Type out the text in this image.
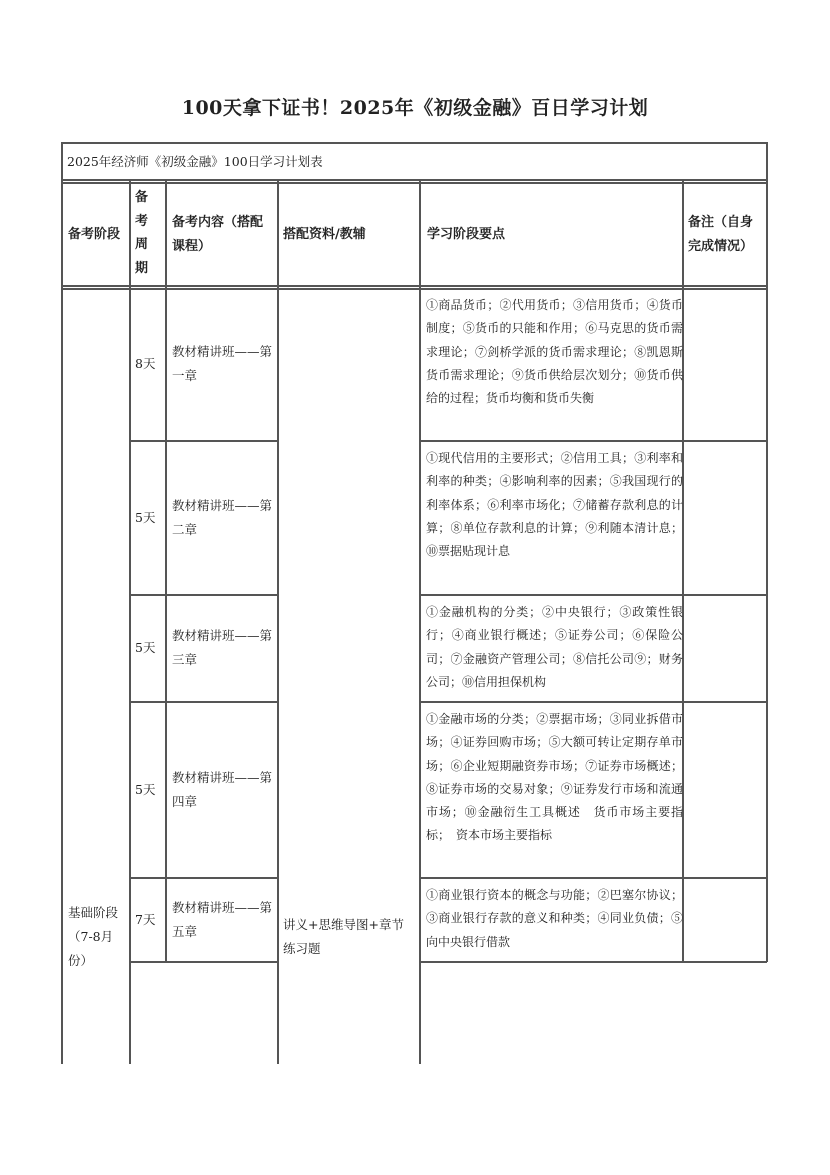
100天拿下证书！2025年《初级金融》百日学习计划
2025年经济师《初级金融》100日学习计划表
备考阶段
备考周期
备考内容（搭配课程）
搭配资料/教辅	学习阶段要点
备注（自身完成情况）
基础阶段
（7-8月份）
讲义+思维导图+章节练习题
8天
教材精讲班——第一章
①商品货币；②代用货币；③信用货币；④货币制度；⑤货币的只能和作用；⑥马克思的货币需求理论；⑦剑桥学派的货币需求理论；⑧凯恩斯货币需求理论；⑨货币供给层次划分；⑩货币供给的过程；货币均衡和货币失衡
5天
教材精讲班——第二章
①现代信用的主要形式；②信用工具；③利率和利率的种类；④影响利率的因素；⑤我国现行的利率体系；⑥利率市场化；⑦储蓄存款利息的计算；⑧单位存款利息的计算；⑨利随本清计息；⑩票据贴现计息
5天
教材精讲班——第三章
①金融机构的分类；②中央银行；③政策性银行；④商业银行概述；⑤证券公司；⑥保险公司；⑦金融资产管理公司；⑧信托公司⑨；财务公司；⑩信用担保机构
5天
教材精讲班——第四章
①金融市场的分类；②票据市场；③同业拆借市场；④证券回购市场；⑤大额可转让定期存单市场；⑥企业短期融资券市场；⑦证券市场概述；⑧证券市场的交易对象；⑨证券发行市场和流通市场；⑩金融衍生工具概述　货币市场主要指标；　资本市场主要指标
7天
教材精讲班——第五章
①商业银行资本的概念与功能；②巴塞尔协议；③商业银行存款的意义和种类；④同业负债；⑤向中央银行借款
